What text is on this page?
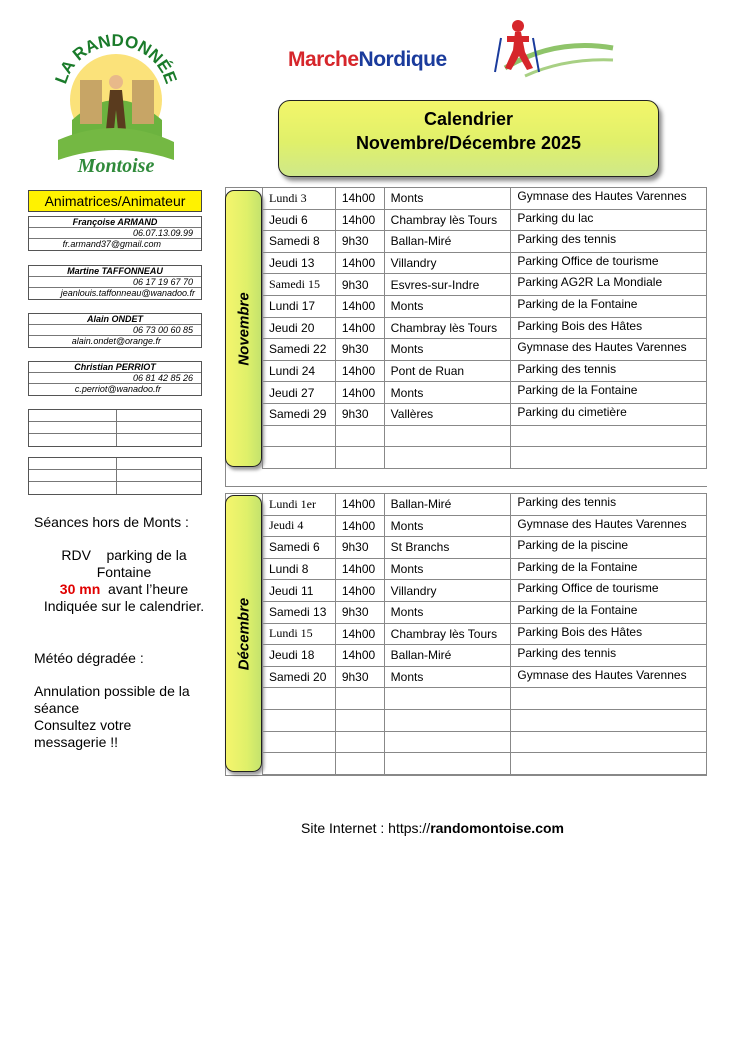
LA RANDONNÉE
Montoise
MarcheNordique
Calendrier
Novembre/Décembre 2025
Animatrices/Animateur
Françoise ARMAND
06.07.13.09.99
fr.armand37@gmail.com
Martine TAFFONNEAU
06 17 19 67 70
jeanlouis.taffonneau@wanadoo.fr
Alain ONDET
06 73 00 60 85
alain.ondet@orange.fr
Christian PERRIOT
06 81 42 85 26
c.perriot@wanadoo.fr
Séances hors de Monts :
RDV    parking de la
Fontaine
30 mn  avant l’heure
Indiquée sur le calendrier.
Météo dégradée :
Annulation possible de la
séance
Consultez votre
messagerie !!
Novembre
Décembre
Lundi 3	14h00	Monts	Gymnase des Hautes Varennes
Jeudi 6	14h00	Chambray lès Tours	Parking du lac
Samedi 8	9h30	Ballan-Miré	Parking des tennis
Jeudi 13	14h00	Villandry	Parking Office de tourisme
Samedi 15	9h30	Esvres-sur-Indre	Parking AG2R La Mondiale
Lundi 17	14h00	Monts	Parking de la Fontaine
Jeudi 20	14h00	Chambray lès Tours	Parking Bois des Hâtes
Samedi 22	9h30	Monts	Gymnase des Hautes Varennes
Lundi 24	14h00	Pont de Ruan	Parking des tennis
Jeudi 27	14h00	Monts	Parking de la Fontaine
Samedi 29	9h30	Vallères	Parking du cimetière

Lundi 1er	14h00	Ballan-Miré	Parking des tennis
Jeudi 4	14h00	Monts	Gymnase des Hautes Varennes
Samedi 6	9h30	St Branchs	Parking de la piscine
Lundi 8	14h00	Monts	Parking de la Fontaine
Jeudi 11	14h00	Villandry	Parking Office de tourisme
Samedi 13	9h30	Monts	Parking de la Fontaine
Lundi 15	14h00	Chambray lès Tours	Parking Bois des Hâtes
Jeudi 18	14h00	Ballan-Miré	Parking des tennis
Samedi 20	9h30	Monts	Gymnase des Hautes Varennes

Site Internet : https://randomontoise.com
